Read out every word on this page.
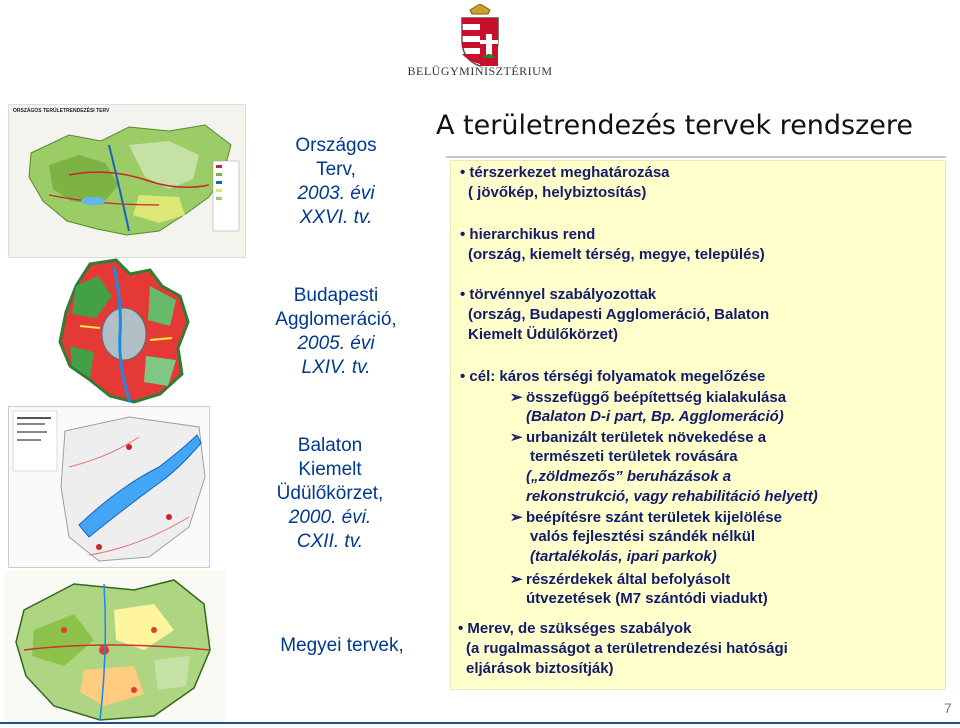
BELÜGYMINISZTÉRIUM
A területrendezés tervek rendszere
ORSZÁGOS TERÜLETRENDEZÉSI TERV
Országos
Terv,
2003. évi
XXVI. tv.
Budapesti
Agglomeráció,
2005. évi
LXIV. tv.
Balaton
Kiemelt
Üdülőkörzet,
2000. évi.
CXII. tv.
Megyei tervek,
• térszerkezet meghatározása
( jövőkép, helybiztosítás)
• hierarchikus rend
(ország, kiemelt térség, megye, település)
• törvénnyel szabályozottak
(ország, Budapesti Agglomeráció, Balaton
Kiemelt Üdülőkörzet)
• cél: káros térségi folyamatok megelőzése
➢ összefüggő beépítettség kialakulása
(Balaton D-i part, Bp. Agglomeráció)
➢ urbanizált területek növekedése a
természeti területek rovására
(„zöldmezős” beruházások a
rekonstrukció, vagy rehabilitáció helyett)
➢ beépítésre szánt területek kijelölése
valós fejlesztési szándék nélkül
(tartalékolás, ipari parkok)
➢ részérdekek által befolyásolt
útvezetések (M7 szántódi viadukt)
• Merev, de szükséges szabályok
(a rugalmasságot a területrendezési hatósági
eljárások biztosítják)
7
